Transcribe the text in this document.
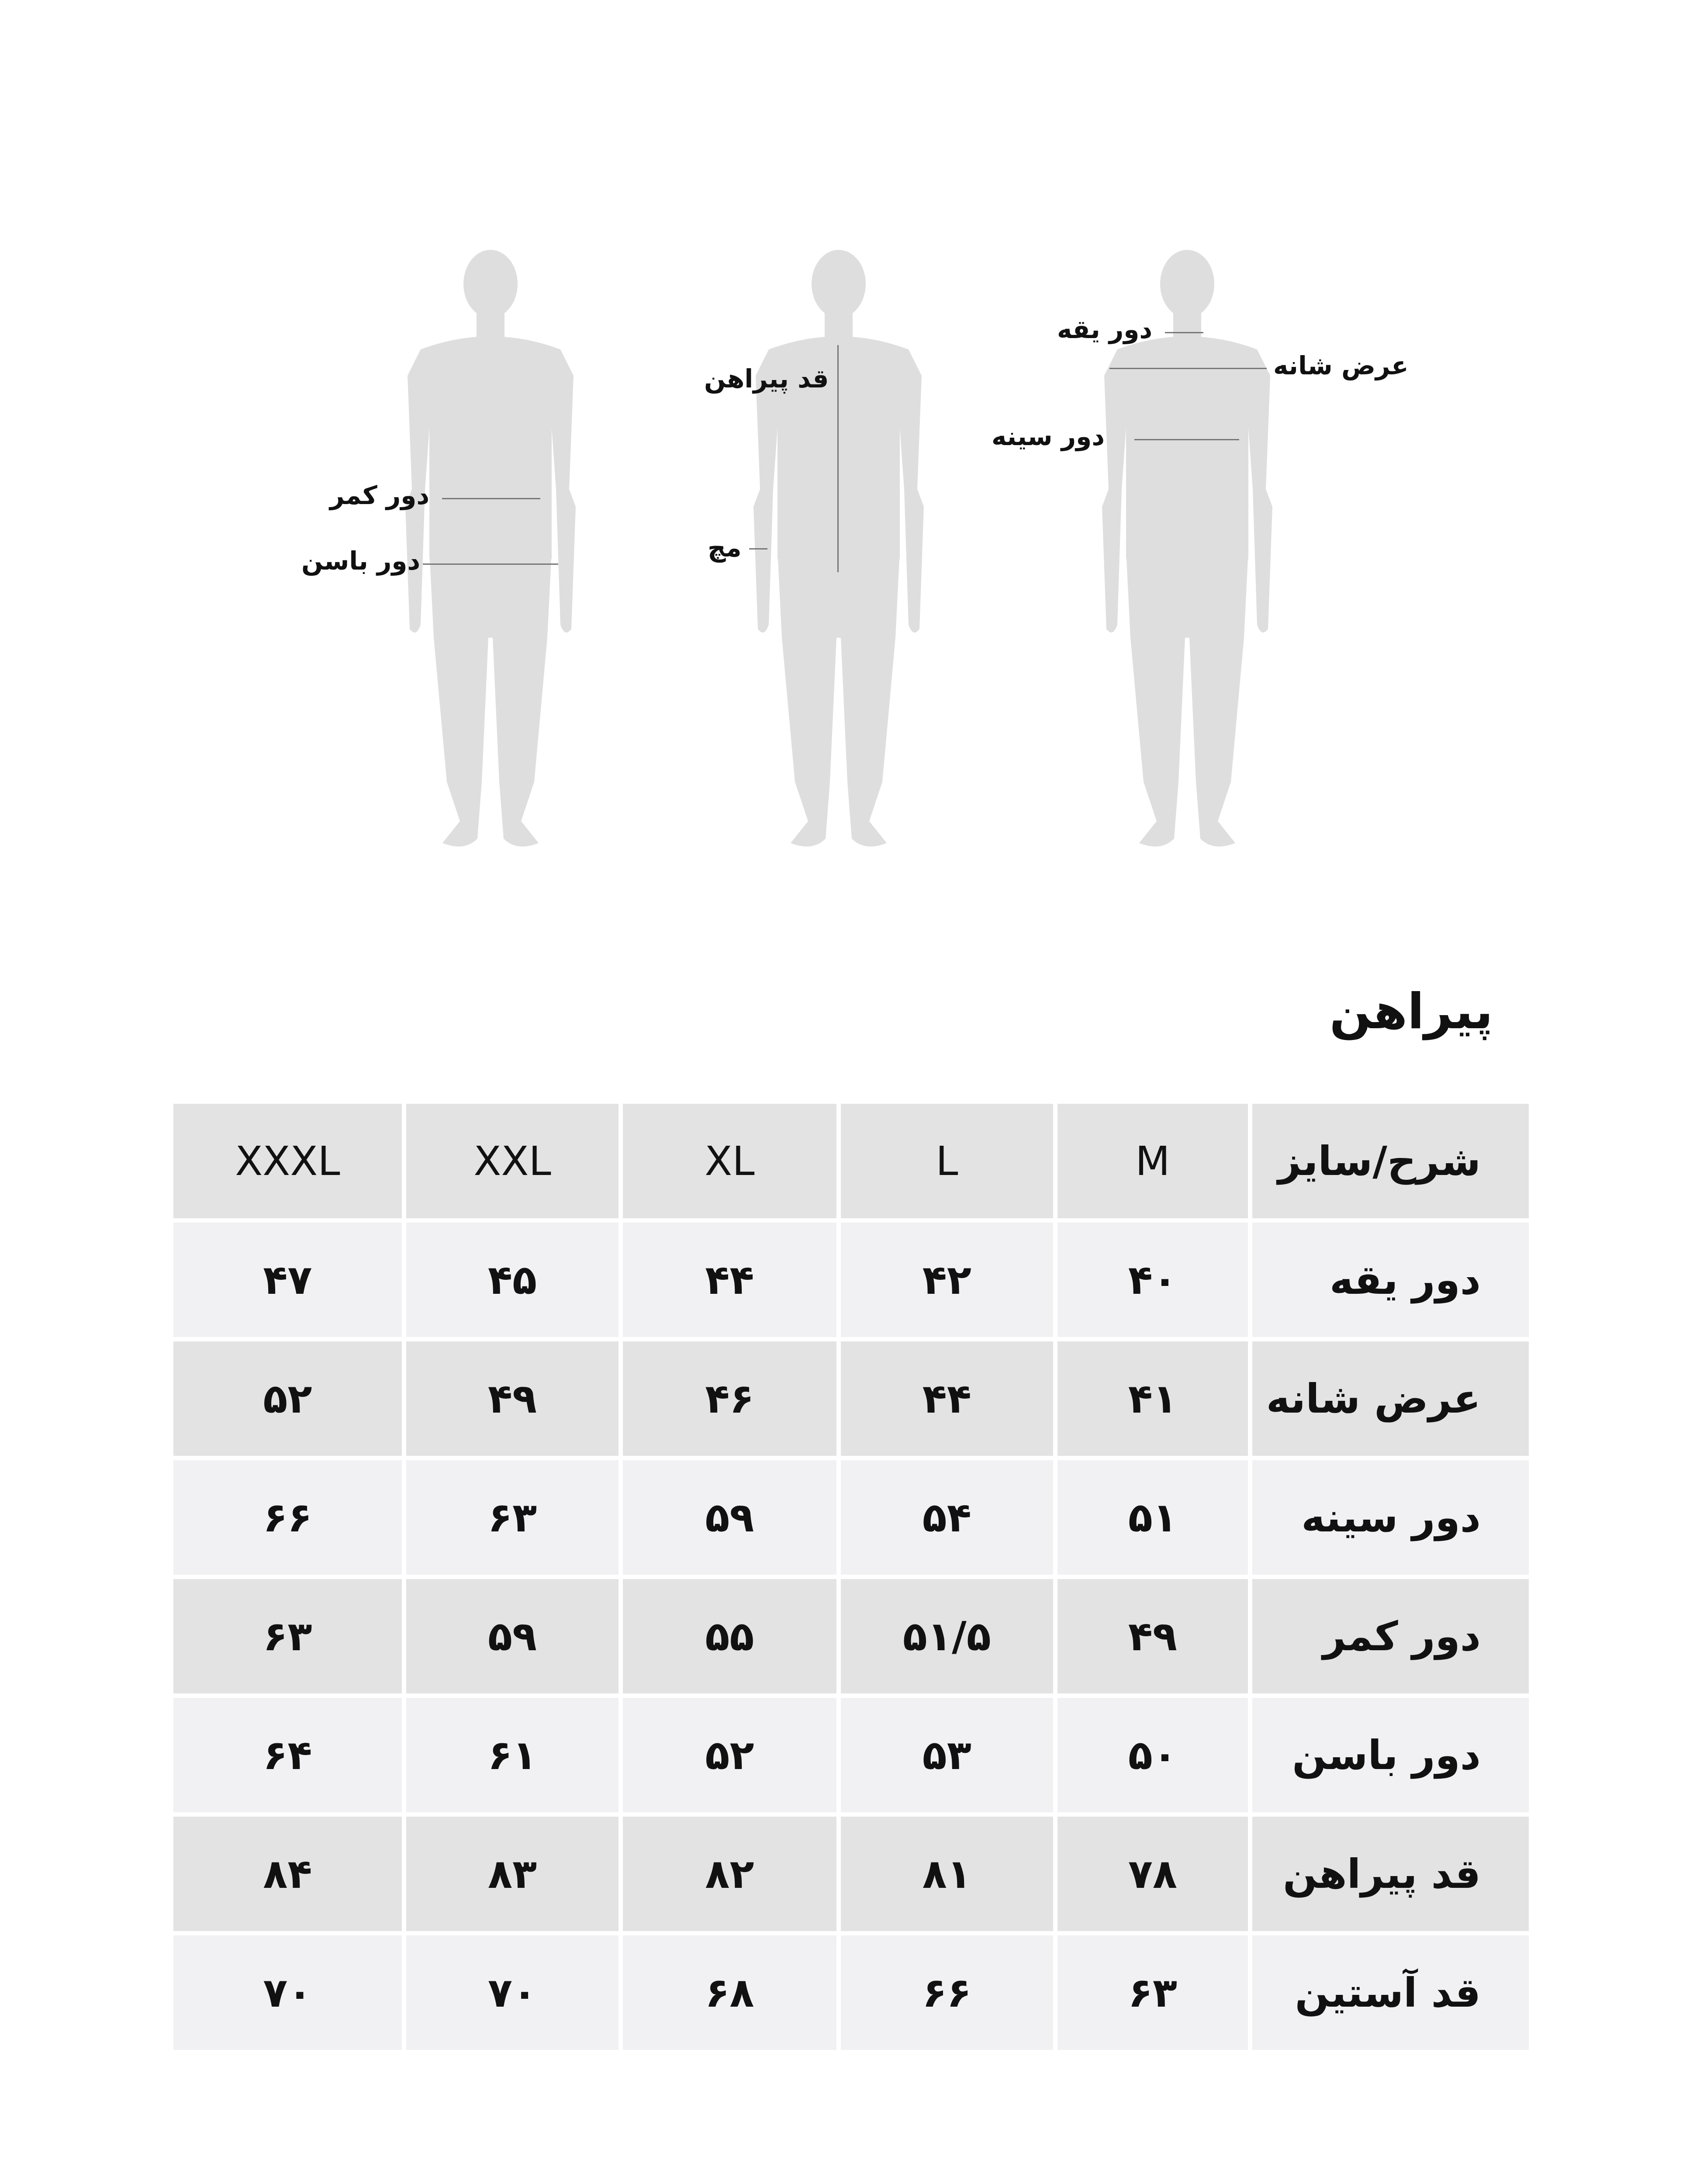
دور کمر
دور باسن
قد پیراهن
مچ
دور یقه
عرض شانه
دور سینه
پیراهن
شرح/سایز	M	L	XL	XXL	XXXL
دور یقه	۴۰	۴۲	۴۴	۴۵	۴۷
عرض شانه	۴۱	۴۴	۴۶	۴۹	۵۲
دور سینه	۵۱	۵۴	۵۹	۶۳	۶۶
دور کمر	۴۹	۵۱/۵	۵۵	۵۹	۶۳
دور باسن	۵۰	۵۳	۵۲	۶۱	۶۴
قد پیراهن	۷۸	۸۱	۸۲	۸۳	۸۴
قد آستین	۶۳	۶۶	۶۸	۷۰	۷۰
